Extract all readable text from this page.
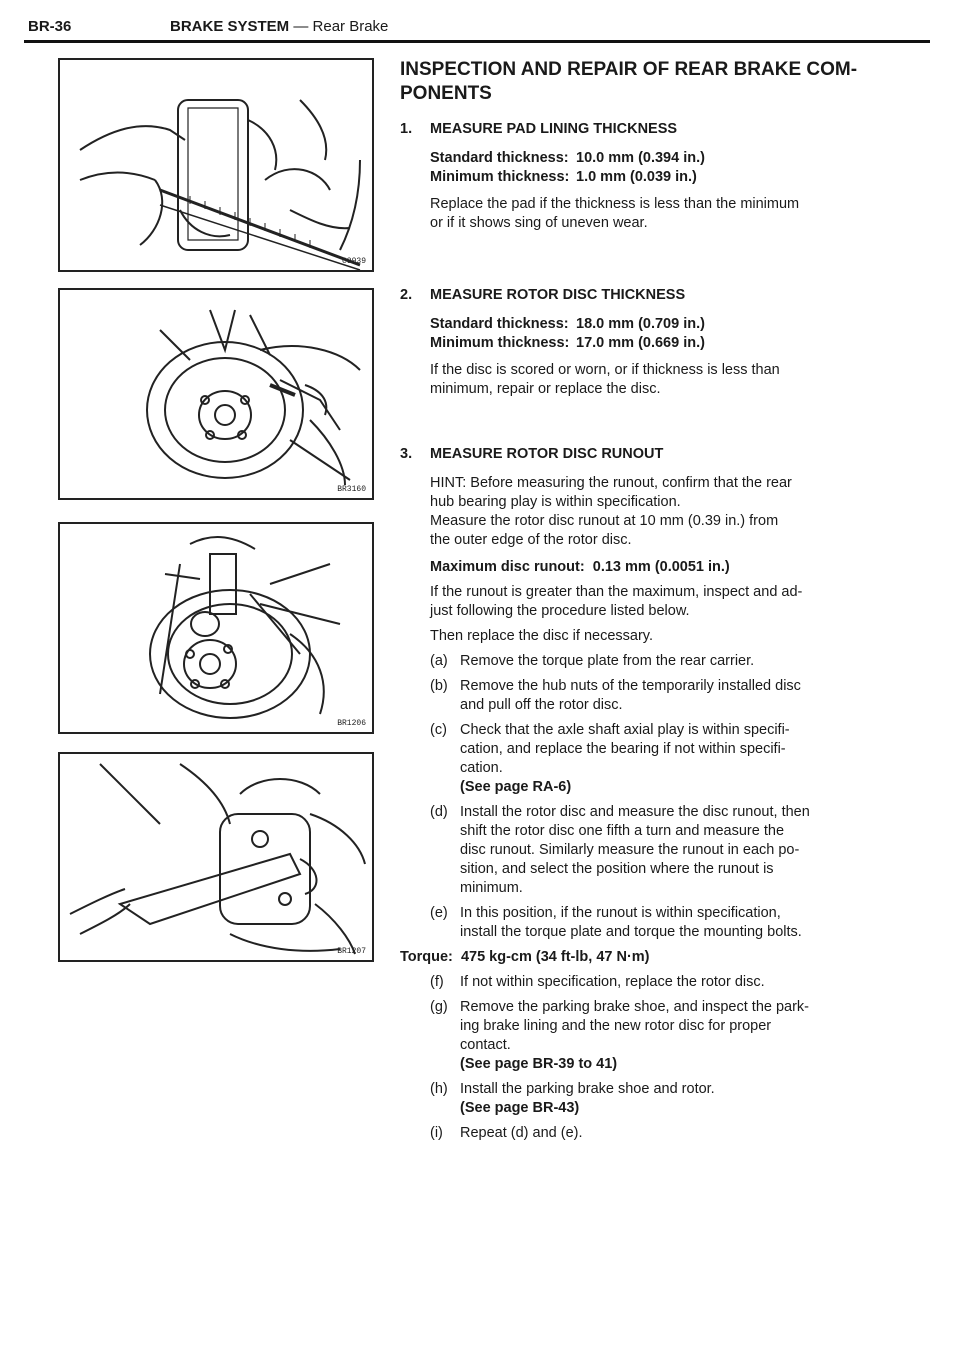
BR-36	BRAKE SYSTEM — Rear Brake
C9939
BR3160
BR1206
BR1207
INSPECTION AND REPAIR OF REAR BRAKE COM-
PONENTS
1. MEASURE PAD LINING THICKNESS
Standard thickness: 10.0 mm (0.394 in.)
Minimum thickness: 1.0 mm (0.039 in.)

Replace the pad if the thickness is less than the minimum

or if it shows sing of uneven wear.

2. MEASURE ROTOR DISC THICKNESS
Standard thickness: 18.0 mm (0.709 in.)
Minimum thickness: 17.0 mm (0.669 in.)

If the disc is scored or worn, or if thickness is less than

minimum, repair or replace the disc.

3. MEASURE ROTOR DISC RUNOUT

HINT: Before measuring the runout, confirm that the rear

hub bearing play is within specification.

Measure the rotor disc runout at 10 mm (0.39 in.) from

the outer edge of the rotor disc.

Maximum disc runout: 0.13 mm (0.0051 in.)

If the runout is greater than the maximum, inspect and ad-

just following the procedure listed below.

Then replace the disc if necessary.

(a) Remove the torque plate from the rear carrier.

(b) Remove the hub nuts of the temporarily installed disc

and pull off the rotor disc.

(c) Check that the axle shaft axial play is within specifi-

cation, and replace the bearing if not within specifi-

cation.

(See page RA-6)

(d) Install the rotor disc and measure the disc runout, then

shift the rotor disc one fifth a turn and measure the

disc runout. Similarly measure the runout in each po-

sition, and select the position where the runout is

minimum.

(e) In this position, if the runout is within specification,

install the torque plate and torque the mounting bolts.

Torque: 475 kg-cm (34 ft-lb, 47 N·m)
(f) If not within specification, replace the rotor disc.

(g) Remove the parking brake shoe, and inspect the park-

ing brake lining and the new rotor disc for proper

contact.

(See page BR-39 to 41)

(h) Install the parking brake shoe and rotor.

(See page BR-43)

(i) Repeat (d) and (e).
